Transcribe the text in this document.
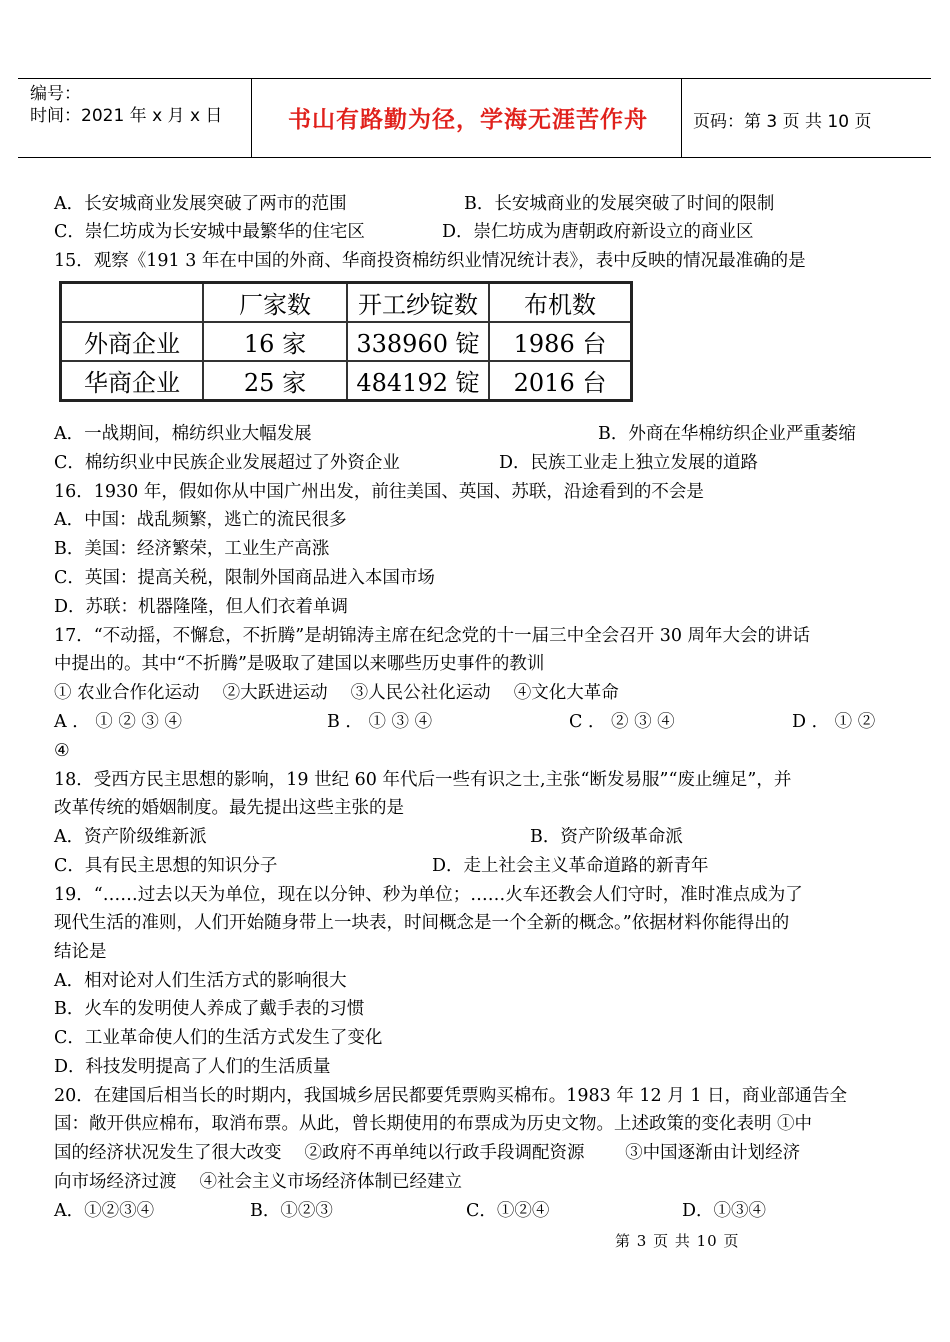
编号：
时间：2021 年 x 月 x 日	书山有路勤为径，学海无涯苦作舟	页码：第 3 页 共 10 页
A．长安城商业发展突破了两市的范围	B．长安城商业的发展突破了时间的限制
C．崇仁坊成为长安城中最繁华的住宅区	D．崇仁坊成为唐朝政府新设立的商业区
15．观察《191 3 年在中国的外商、华商投资棉纺织业情况统计表》，表中反映的情况最准确的是
	厂家数	开工纱锭数	布机数
外商企业	16 家	338960 锭	1986 台
华商企业	25 家	484192 锭	2016 台
A．一战期间，棉纺织业大幅发展	B．外商在华棉纺织企业严重萎缩
C．棉纺织业中民族企业发展超过了外资企业	D．民族工业走上独立发展的道路
16．1930 年，假如你从中国广州出发，前往美国、英国、苏联，沿途看到的不会是
A．中国：战乱频繁，逃亡的流民很多
B．美国：经济繁荣，工业生产高涨
C．英国：提高关税，限制外国商品进入本国市场
D．苏联：机器隆隆，但人们衣着单调
17．“不动摇，不懈怠，不折腾”是胡锦涛主席在纪念党的十一届三中全会召开 30 周年大会的讲话
中提出的。其中“不折腾”是吸取了建国以来哪些历史事件的教训
① 农业合作化运动　 ②大跃进运动　 ③人民公社化运动　 ④文化大革命
A ． ① ② ③ ④	B ． ① ③ ④	C ． ② ③ ④	D ． ① ②
④
18．受西方民主思想的影响，19 世纪 60 年代后一些有识之士,主张“断发易服”“废止缠足”，并
改革传统的婚姻制度。最先提出这些主张的是
A．资产阶级维新派	B．资产阶级革命派
C．具有民主思想的知识分子	D．走上社会主义革命道路的新青年
19．“……过去以天为单位，现在以分钟、秒为单位；……火车还教会人们守时，准时准点成为了
现代生活的准则，人们开始随身带上一块表，时间概念是一个全新的概念。”依据材料你能得出的
结论是
A．相对论对人们生活方式的影响很大
B．火车的发明使人养成了戴手表的习惯
C．工业革命使人们的生活方式发生了变化
D．科技发明提高了人们的生活质量
20．在建国后相当长的时期内，我国城乡居民都要凭票购买棉布。1983 年 12 月 1 日，商业部通告全
国：敞开供应棉布，取消布票。从此，曾长期使用的布票成为历史文物。上述政策的变化表明 ①中
国的经济状况发生了很大改变　 ②政府不再单纯以行政手段调配资源　　 ③中国逐渐由计划经济
向市场经济过渡　 ④社会主义市场经济体制已经建立
A．①②③④	B．①②③	C．①②④	D．①③④
第 3 页 共 10 页
